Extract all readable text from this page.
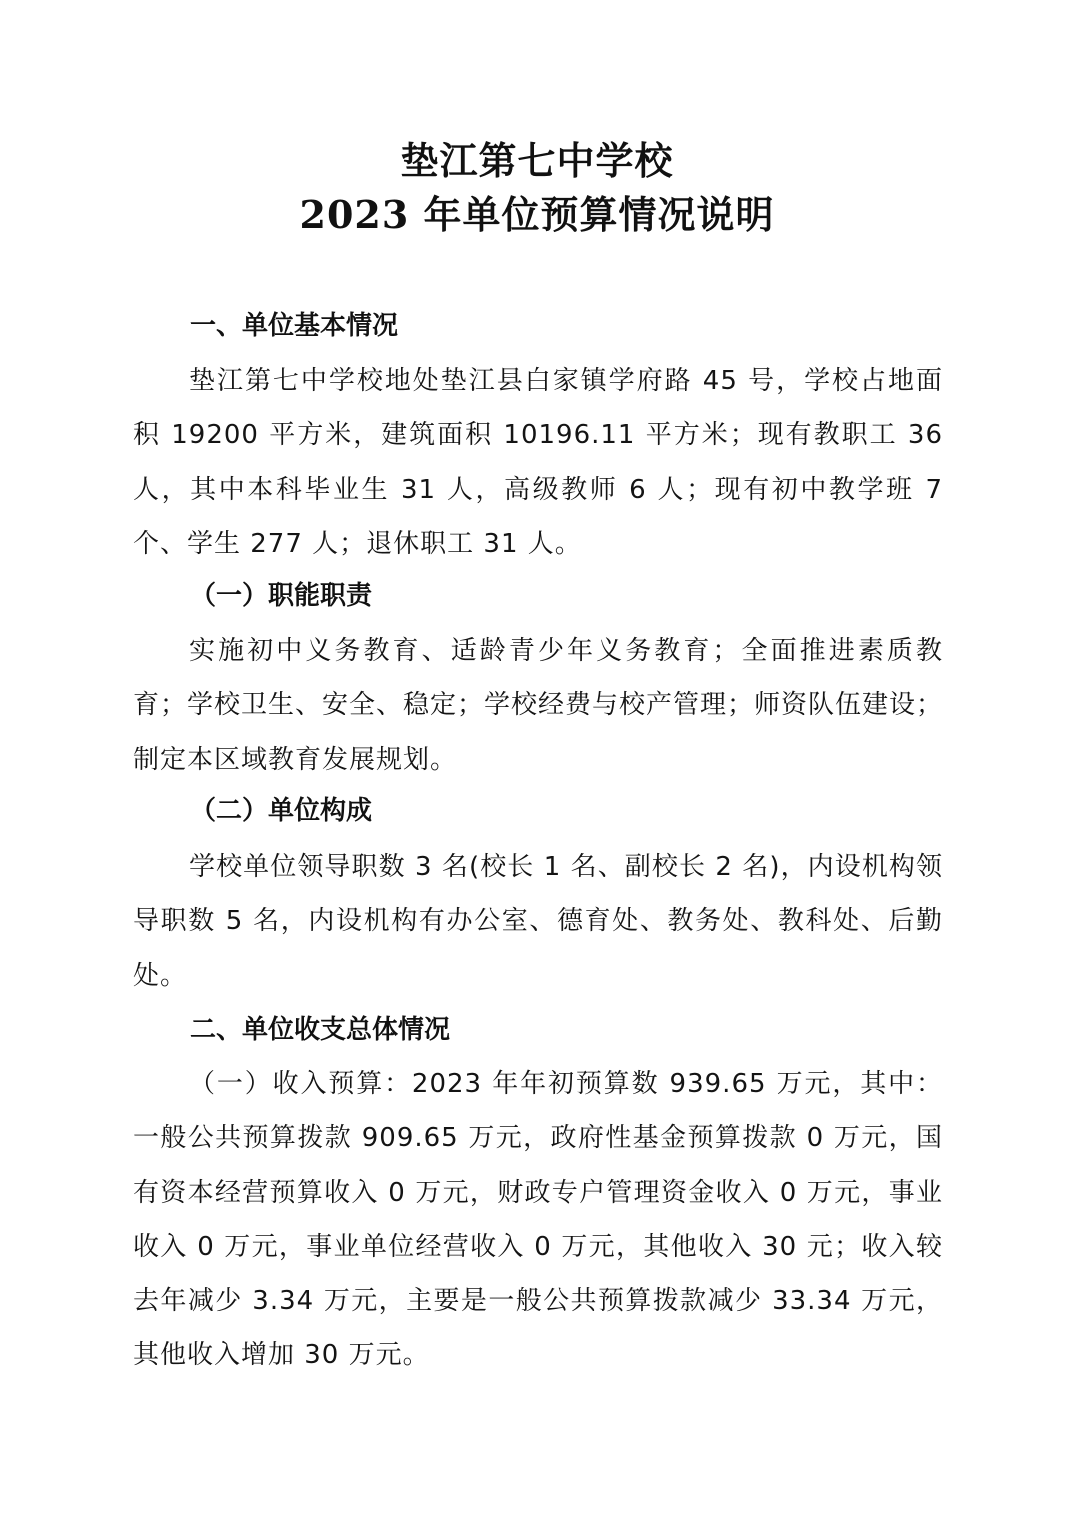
垫江第七中学校
2023 年单位预算情况说明
一、单位基本情况
垫江第七中学校地处垫江县白家镇学府路 45 号，学校占地面积 19200 平方米，建筑面积 10196.11 平方米；现有教职工 36 人，其中本科毕业生 31 人，高级教师 6 人；现有初中教学班 7 个、学生 277 人；退休职工 31 人。
（一）职能职责
实施初中义务教育、适龄青少年义务教育；全面推进素质教育；学校卫生、安全、稳定；学校经费与校产管理；师资队伍建设；制定本区域教育发展规划。
（二）单位构成
学校单位领导职数 3 名(校长 1 名、副校长 2 名)，内设机构领导职数 5 名，内设机构有办公室、德育处、教务处、教科处、后勤处。
二、单位收支总体情况
（一）收入预算：2023 年年初预算数 939.65 万元，其中：一般公共预算拨款 909.65 万元，政府性基金预算拨款 0 万元，国有资本经营预算收入 0 万元，财政专户管理资金收入 0 万元，事业收入 0 万元，事业单位经营收入 0 万元，其他收入 30 元；收入较去年减少 3.34 万元，主要是一般公共预算拨款减少 33.34 万元，其他收入增加 30 万元。
